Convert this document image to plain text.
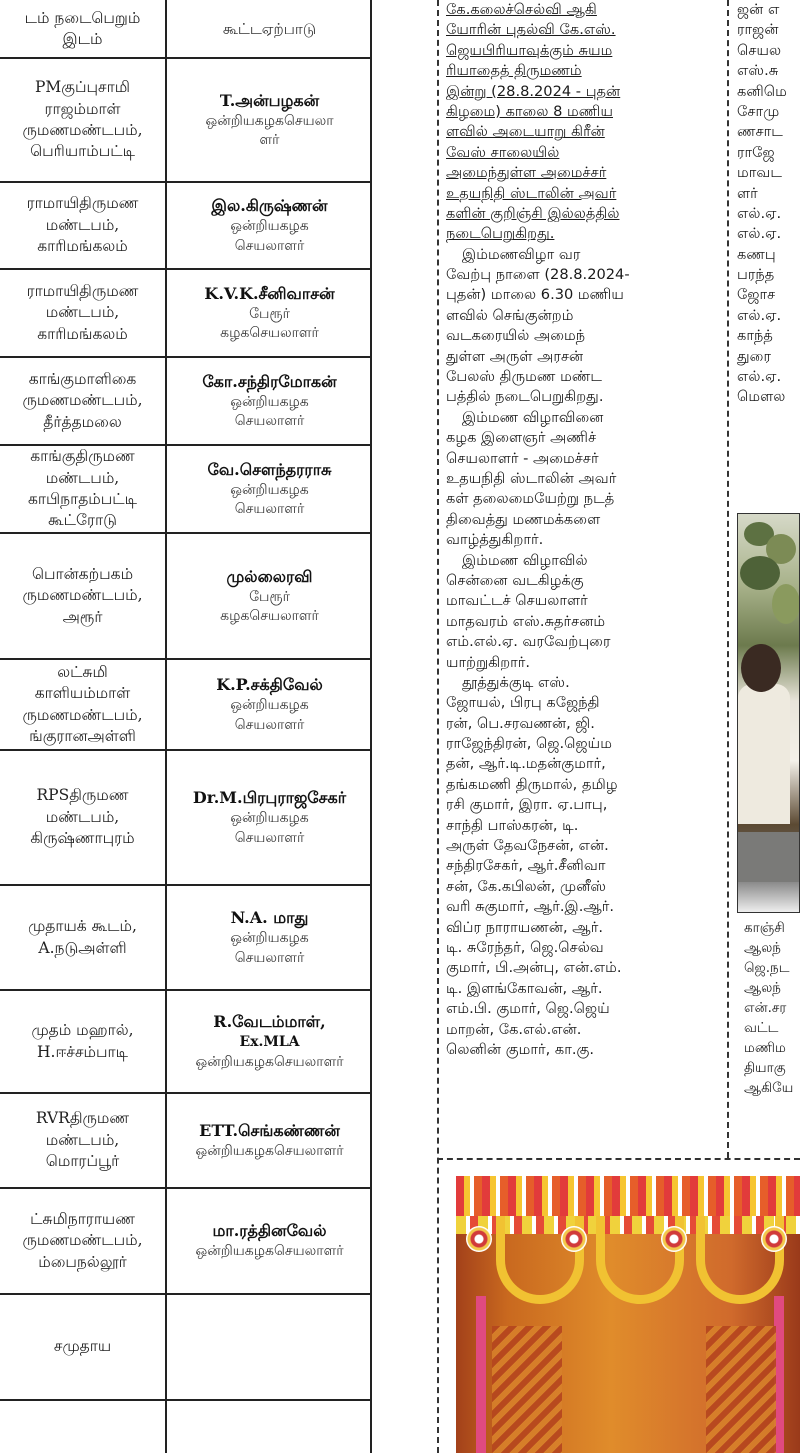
டம் நடைபெறும்
இடம்
கூட்டஏற்பாடு
PMகுப்புசாமி
ராஜம்மாள்
ருமணமண்டபம்,
பெரியாம்பட்டி
T.அன்பழகன்
ஒன்றியகழகசெயலா
ளர்
ராமாயிதிருமண
மண்டபம்,
காரிமங்கலம்
இல.கிருஷ்ணன்
ஒன்றியகழக
செயலாளர்
ராமாயிதிருமண
மண்டபம்,
காரிமங்கலம்
K.V.K.சீனிவாசன்
பேரூர்
கழகசெயலாளர்
காங்குமாளிகை
ருமணமண்டபம்,
தீர்த்தமலை
கோ.சந்திரமோகன்
ஒன்றியகழக
செயலாளர்
காங்குதிருமண
மண்டபம்,
காபிநாதம்பட்டி
கூட்ரோடு
வே.சௌந்தரராசு
ஒன்றியகழக
செயலாளர்
பொன்கற்பகம்
ருமணமண்டபம்,
அரூர்
முல்லைரவி
பேரூர்
கழகசெயலாளர்
லட்சுமி
காளியம்மாள்
ருமணமண்டபம்,
ங்குரானஅள்ளி
K.P.சக்திவேல்
ஒன்றியகழக
செயலாளர்
RPSதிருமண
மண்டபம்,
கிருஷ்ணாபுரம்
Dr.M.பிரபுராஜசேகர்
ஒன்றியகழக
செயலாளர்
முதாயக் கூடம்,
A.நடுஅள்ளி
N.A. மாது
ஒன்றியகழக
செயலாளர்
முதம் மஹால்,
H.ஈச்சம்பாடி
R.வேடம்மாள்,
Ex.MLA
ஒன்றியகழகசெயலாளர்
RVRதிருமண
மண்டபம்,
மொரப்பூர்
ETT.செங்கண்ணன்
ஒன்றியகழகசெயலாளர்
ட்சுமிநாராயண
ருமணமண்டபம்,
ம்பைநல்லூர்
மா.ரத்தினவேல்
ஒன்றியகழகசெயலாளர்
சமுதாய
கே.கலைச்செல்வி ஆகி
யோரின் புதல்வி கே.எஸ்.
ஜெயபிரியாவுக்கும் சுயம
ரியாதைத் திருமணம்
இன்று (28.8.2024 - புதன்
கிழமை) காலை 8 மணிய
ளவில் அடையாறு கிரீன்
வேஸ் சாலையில்
அமைந்துள்ள அமைச்சர்
உதயநிதி ஸ்டாலின் அவர்
களின் குறிஞ்சி இல்லத்தில்
நடைபெறுகிறது.
இம்மணவிழா வர
வேற்பு நாளை (28.8.2024-
புதன்) மாலை 6.30 மணிய
ளவில் செங்குன்றம்
வடகரையில் அமைந்
துள்ள அருள் அரசன்
பேலஸ் திருமண மண்ட
பத்தில் நடைபெறுகிறது.
இம்மண விழாவினை
கழக இளைஞர் அணிச்
செயலாளர் - அமைச்சர்
உதயநிதி ஸ்டாலின் அவர்
கள் தலைமையேற்று நடத்
திவைத்து மணமக்களை
வாழ்த்துகிறார்.
இம்மண விழாவில்
சென்னை வடகிழக்கு
மாவட்டச் செயலாளர்
மாதவரம் எஸ்.சுதர்சனம்
எம்.எல்.ஏ. வரவேற்புரை
யாற்றுகிறார்.
தூத்துக்குடி எஸ்.
ஜோயல், பிரபு கஜேந்தி
ரன், பெ.சரவணன், ஜி.
ராஜேந்திரன், ஜெ.ஜெய்ம
தன், ஆர்.டி.மதன்குமார்,
தங்கமணி திருமால், தமிழ
ரசி குமார், இரா. ஏ.பாபு,
சாந்தி பாஸ்கரன், டி.
அருள் தேவநேசன், என்.
சந்திரசேகர், ஆர்.சீனிவா
சன், கே.கபிலன், முனீஸ்
வரி சுகுமார், ஆர்.இ.ஆர்.
விப்ர நாராயணன், ஆர்.
டி. சுரேந்தர், ஜெ.செல்வ
குமார், பி.அன்பு, என்.எம்.
டி. இளங்கோவன், ஆர்.
எம்.பி. குமார், ஜெ.ஜெய்
மாறன், கே.எல்.என்.
லெனின் குமார், கா.கு.
ஜன் எ
ராஜன்
செயல
எஸ்.சு
கனிமெ
சோமு
ணசாட
ராஜே
மாவட
ளர்
எல்.ஏ.
எல்.ஏ.
கணபு
பரந்த
ஜோச
எல்.ஏ.
காந்த்
துரை
எல்.ஏ.
மௌல
காஞ்சி
ஆலந்
ஜெ.நட
ஆலந்
என்.சர
வட்ட
மணிம
தியாகு
ஆகியே
